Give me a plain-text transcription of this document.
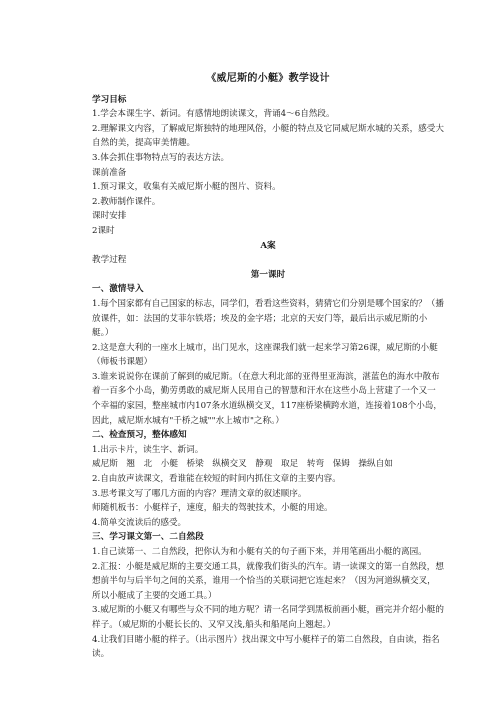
《威尼斯的小艇》教学设计

学习目标

1.学会本课生字、新词。有感情地朗读课文，背诵4～6自然段。

2.理解课文内容，了解威尼斯独特的地理风俗，小艇的特点及它同威尼斯水城的关系，感受大自然的美，提高审美情趣。

3.体会抓住事物特点写的表达方法。

课前准备

1.预习课文，收集有关威尼斯小艇的图片、资料。

2.教师制作课件。

课时安排

2课时

A案

教学过程

第一课时

一、激情导入

1.每个国家都有自己国家的标志，同学们，看看这些资料，猜猜它们分别是哪个国家的？（播放课件，如：法国的艾菲尔铁塔；埃及的金字塔；北京的天安门等，最后出示威尼斯的小艇。）

2.这是意大利的一座水上城市，出门见水，这座课我们就一起来学习第26课，威尼斯的小艇（师板书课题）

3.谁来说说你在课前了解到的威尼斯。（在意大利北部的亚得里亚海滨，湛蓝色的海水中散布着一百多个小岛，勤劳勇敢的威尼斯人民用自己的智慧和汗水在这些小岛上营建了一个又一个幸福的家园，整座城市内107条水道纵横交叉，117座桥梁横跨水道，连接着108个小岛，因此，威尼斯水城有"千桥之城""水上城市"之称。）

二、检查预习，整体感知

1.出示卡片，读生字、新词。

威尼斯　翘　北　小艇　桥梁　纵横交叉　静观　取足　转弯　保姆　操纵自如

2.自由放声读课文，看谁能在较短的时间内抓住文章的主要内容。

3.思考课文写了哪几方面的内容？理清文章的叙述顺序。

师随机板书：小艇样子，速度，船夫的驾驶技术，小艇的用途。

4.简单交流读后的感受。

三、学习课文第一、二自然段

1.自己读第一、二自然段，把你认为和小艇有关的句子画下来，并用笔画出小艇的离园。

2.汇报：小艇是威尼斯的主要交通工具，就像我们街头的汽车。请一读课文的第一自然段，想想前半句与后半句之间的关系，谁用一个恰当的关联词把它连起来？（因为河道纵横交叉，所以小艇成了主要的交通工具。）

3.威尼斯的小艇又有哪些与众不同的地方呢？请一名同学到黑板前画小艇，画完并介绍小艇的样子。（威尼斯的小艇长长的、又窄又浅,船头和船尾向上翘起。）

4.让我们目睹小艇的样子。（出示图片）找出课文中写小艇样子的第二自然段，自由读，指名读。
